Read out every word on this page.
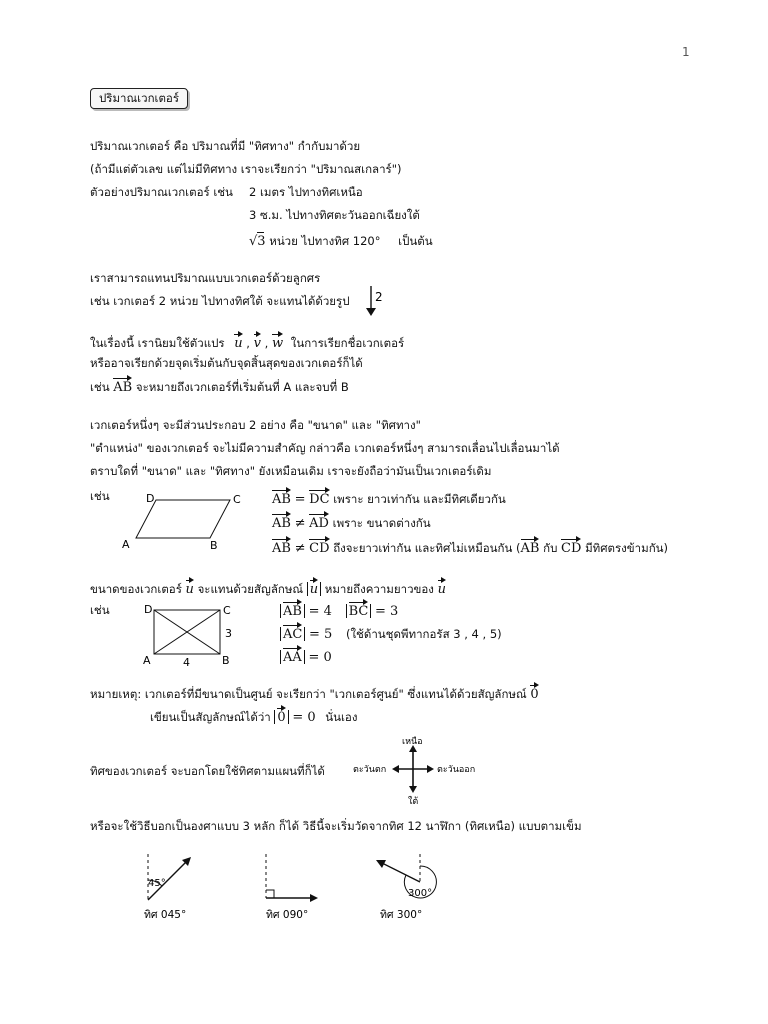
1
ปริมาณเวกเตอร์
ปริมาณเวกเตอร์ คือ ปริมาณที่มี "ทิศทาง" กำกับมาด้วย
(ถ้ามีแต่ตัวเลข แต่ไม่มีทิศทาง เราจะเรียกว่า "ปริมาณสเกลาร์")
ตัวอย่างปริมาณเวกเตอร์ เช่น 2 เมตร ไปทางทิศเหนือ
3 ซ.ม. ไปทางทิศตะวันออกเฉียงใต้
√3 หน่วย ไปทางทิศ 120° เป็นต้น
เราสามารถแทนปริมาณแบบเวกเตอร์ด้วยลูกศร
เช่น เวกเตอร์ 2 หน่วย ไปทางทิศใต้ จะแทนได้ด้วยรูป 2
ในเรื่องนี้ เรานิยมใช้ตัวแปร u , v , w ในการเรียกชื่อเวกเตอร์
หรืออาจเรียกด้วยจุดเริ่มต้นกับจุดสิ้นสุดของเวกเตอร์ก็ได้
เช่น AB จะหมายถึงเวกเตอร์ที่เริ่มต้นที่ A และจบที่ B
เวกเตอร์หนึ่งๆ จะมีส่วนประกอบ 2 อย่าง คือ "ขนาด" และ "ทิศทาง"
"ตำแหน่ง" ของเวกเตอร์ จะไม่มีความสำคัญ กล่าวคือ เวกเตอร์หนึ่งๆ สามารถเลื่อนไปเลื่อนมาได้
ตราบใดที่ "ขนาด" และ "ทิศทาง" ยังเหมือนเดิม เราจะยังถือว่ามันเป็นเวกเตอร์เดิม
เช่น
A	B
C
D	AB = DC เพราะ ยาวเท่ากัน และมีทิศเดียวกัน
AB ≠ AD เพราะ ขนาดต่างกัน
AB ≠ CD ถึงจะยาวเท่ากัน และทิศไม่เหมือนกัน (AB กับ CD มีทิศตรงข้ามกัน)
ขนาดของเวกเตอร์ u จะแทนด้วยสัญลักษณ์ u หมายถึงความยาวของ u
เช่น
A	B
C
D
3
4
AB = 4 BC = 3
AC = 5 (ใช้ด้านชุดพีทากอรัส 3 , 4 , 5)
AA = 0
หมายเหตุ: เวกเตอร์ที่มีขนาดเป็นศูนย์ จะเรียกว่า "เวกเตอร์ศูนย์" ซึ่งแทนได้ด้วยสัญลักษณ์ 0
เขียนเป็นสัญลักษณ์ได้ว่า 0 = 0 นั่นเอง
ทิศของเวกเตอร์ จะบอกโดยใช้ทิศตามแผนที่ก็ได้
เหนือ
ใต้
ตะวันออก
ตะวันตก
หรือจะใช้วิธีบอกเป็นองศาแบบ 3 หลัก ก็ได้ วิธีนี้จะเริ่มวัดจากทิศ 12 นาฬิกา (ทิศเหนือ) แบบตามเข็ม
45°
ทิศ 045°	ทิศ 090°
300°
ทิศ 300°
